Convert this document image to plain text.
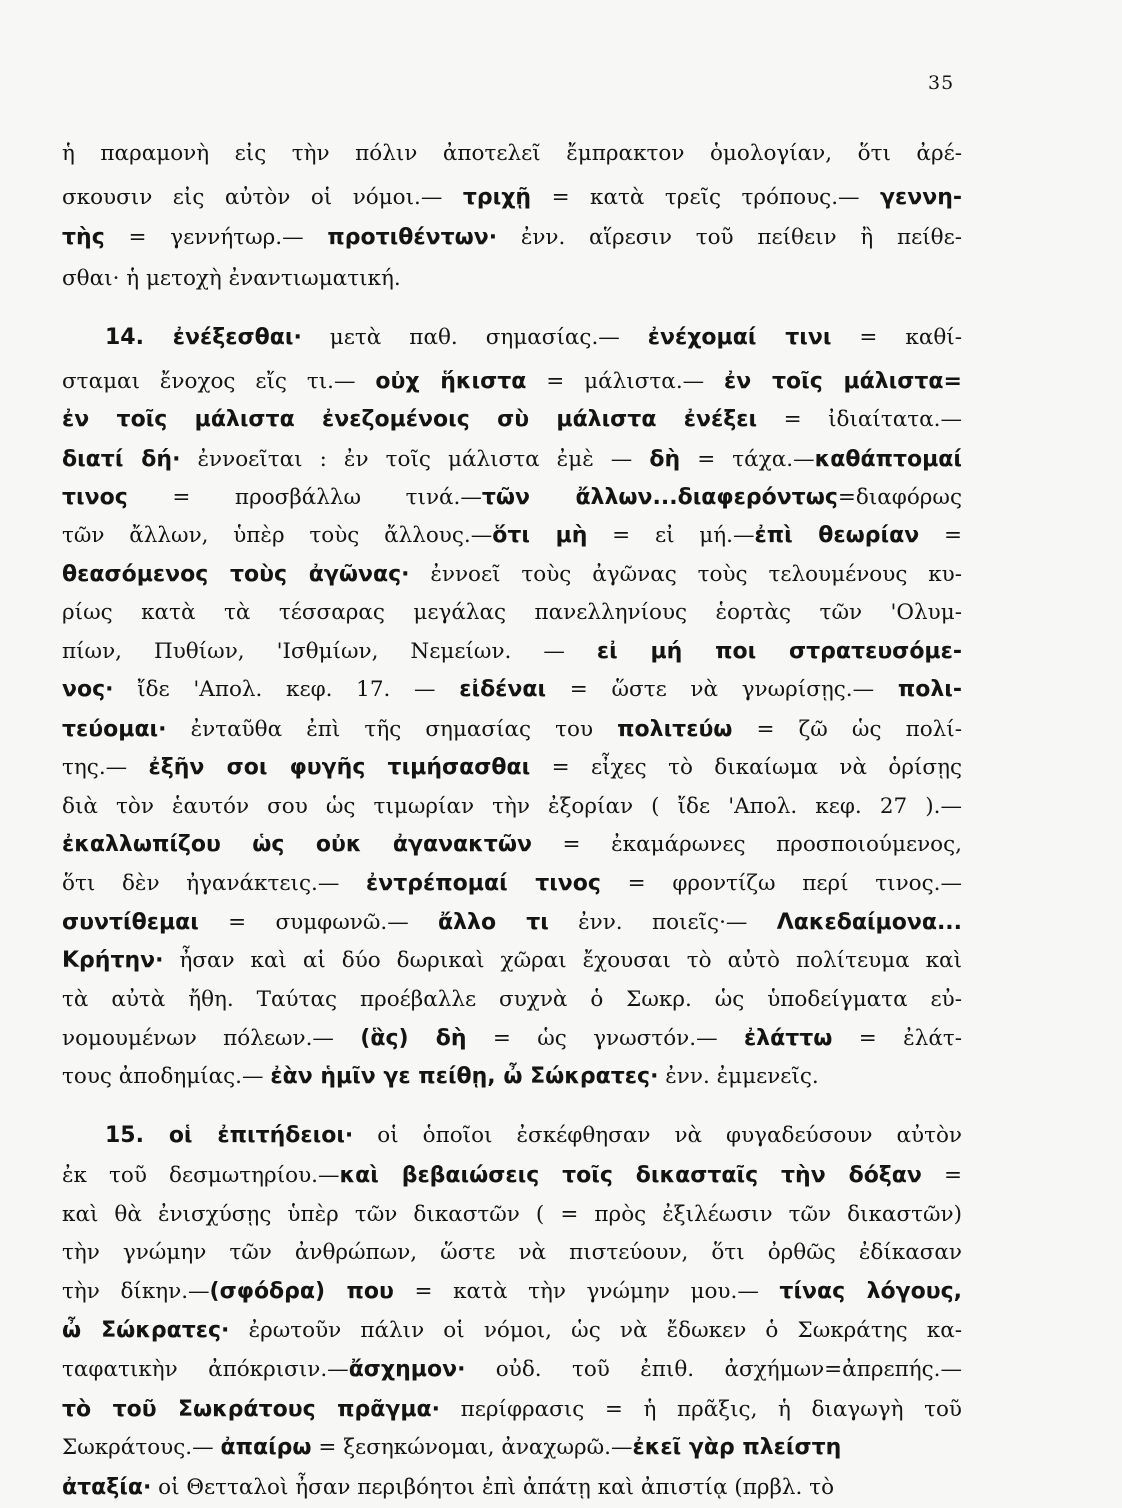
35
ἡ παραμονὴ εἰς τὴν πόλιν ἀποτελεῖ ἔμπρακτον ὁμολογίαν, ὅτι ἀρέ-
σκουσιν εἰς αὐτὸν οἱ νόμοι.— τριχῇ = κατὰ τρεῖς τρόπους.— γεννη-
τὴς = γεννήτωρ.— προτιθέντων· ἐνν. αἵρεσιν τοῦ πείθειν ἢ πείθε-
σθαι· ἡ μετοχὴ ἐναντιωματική.
14. ἐνέξεσθαι· μετὰ παθ. σημασίας.— ἐνέχομαί τινι = καθί-
σταμαι ἔνοχος εἴς τι.— οὐχ ἥκιστα = μάλιστα.— ἐν τοῖς μάλιστα=
ἐν τοῖς μάλιστα ἐνεζομένοις σὺ μάλιστα ἐνέξει = ἰδιαίτατα.—
διατί δή· ἐννοεῖται : ἐν τοῖς μάλιστα ἐμὲ — δὴ = τάχα.—καθάπτομαί
τινος = προσβάλλω τινά.—τῶν ἄλλων...διαφερόντως=διαφόρως
τῶν ἄλλων, ὑπὲρ τοὺς ἄλλους.—ὅτι μὴ = εἰ μή.—ἐπὶ θεωρίαν =
θεασόμενος τοὺς ἀγῶνας· ἐννοεῖ τοὺς ἀγῶνας τοὺς τελουμένους κυ-
ρίως κατὰ τὰ τέσσαρας μεγάλας πανελληνίους ἑορτὰς τῶν 'Ολυμ-
πίων, Πυθίων, 'Ισθμίων, Νεμείων. — εἰ μή ποι στρατευσόμε-
νος· ἴδε 'Απολ. κεφ. 17. — εἰδέναι = ὥστε νὰ γνωρίσῃς.— πολι-
τεύομαι· ἐνταῦθα ἐπὶ τῆς σημασίας του πολιτεύω = ζῶ ὡς πολί-
της.— ἐξῆν σοι φυγῆς τιμήσασθαι = εἶχες τὸ δικαίωμα νὰ ὁρίσῃς
διὰ τὸν ἑαυτόν σου ὡς τιμωρίαν τὴν ἐξορίαν ( ἴδε 'Απολ. κεφ. 27 ).—
ἐκαλλωπίζου ὡς οὐκ ἀγανακτῶν = ἐκαμάρωνες προσποιούμενος,
ὅτι δὲν ἠγανάκτεις.— ἐντρέπομαί τινος = φροντίζω περί τινος.—
συντίθεμαι = συμφωνῶ.— ἄλλο τι ἐνν. ποιεῖς·— Λακεδαίμονα...
Κρήτην· ἦσαν καὶ αἱ δύο δωρικαὶ χῶραι ἔχουσαι τὸ αὐτὸ πολίτευμα καὶ
τὰ αὐτὰ ἤθη. Ταύτας προέβαλλε συχνὰ ὁ Σωκρ. ὡς ὑποδείγματα εὐ-
νομουμένων πόλεων.— (ἃς) δὴ = ὡς γνωστόν.— ἐλάττω = ἐλάτ-
τους ἀποδημίας.— ἐὰν ἡμῖν γε πείθῃ, ὦ Σώκρατες· ἐνν. ἐμμενεῖς.
15. οἱ ἐπιτήδειοι· οἱ ὁποῖοι ἐσκέφθησαν νὰ φυγαδεύσουν αὐτὸν
ἐκ τοῦ δεσμωτηρίου.—καὶ βεβαιώσεις τοῖς δικασταῖς τὴν δόξαν =
καὶ θὰ ἐνισχύσῃς ὑπὲρ τῶν δικαστῶν ( = πρὸς ἐξιλέωσιν τῶν δικαστῶν)
τὴν γνώμην τῶν ἀνθρώπων, ὥστε νὰ πιστεύουν, ὅτι ὀρθῶς ἐδίκασαν
τὴν δίκην.—(σφόδρα) που = κατὰ τὴν γνώμην μου.— τίνας λόγους,
ὦ Σώκρατες· ἐρωτοῦν πάλιν οἱ νόμοι, ὡς νὰ ἔδωκεν ὁ Σωκράτης κα-
ταφατικὴν ἀπόκρισιν.—ἄσχημον· οὐδ. τοῦ ἐπιθ. ἀσχήμων=ἀπρεπής.—
τὸ τοῦ Σωκράτους πρᾶγμα· περίφρασις = ἡ πρᾶξις, ἡ διαγωγὴ τοῦ
Σωκράτους.— ἀπαίρω = ξεσηκώνομαι, ἀναχωρῶ.—ἐκεῖ γὰρ πλείστη
ἀταξία· οἱ Θετταλοὶ ἦσαν περιβόητοι ἐπὶ ἀπάτῃ καὶ ἀπιστίᾳ (πρβλ. τὸ
